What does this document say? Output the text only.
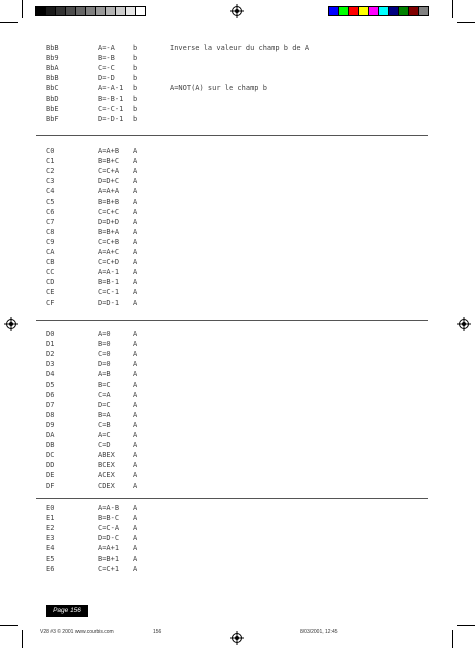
BbB	A=-A	b	Inverse la valeur du champ b de A
Bb9	B=-B	b
BbA	C=-C	b
BbB	D=-D	b
BbC	A=-A-1 b	A=NOT(A) sur le champ b
BbD	B=-B-1 b
BbE	C=-C-1 b
BbF	D=-D-1 b
C0	A=A+B A
C1	B=B+C A
C2	C=C+A A
C3	D=D+C A
C4	A=A+A A
C5	B=B+B A
C6	C=C+C A
C7	D=D+D A
C8	B=B+A A
C9	C=C+B A
CA	A=A+C A
CB	C=C+D A
CC	A=A-1 A
CD	B=B-1 A
CE	C=C-1 A
CF	D=D-1 A
D0	A=0	A
D1	B=0	A
D2	C=0	A
D3	D=0	A
D4	A=B	A
D5	B=C	A
D6	C=A	A
D7	D=C	A
D8	B=A	A
D9	C=B	A
DA	A=C	A
DB	C=D	A
DC	ABEX	A
DD	BCEX	A
DE	ACEX	A
DF	CDEX	A
E0	A=A-B A
E1	B=B-C A
E2	C=C-A A
E3	D=D-C A
E4	A=A+1 A
E5	B=B+1 A
E6	C=C+1 A
Page 156
V28 #3 © 2001 www.courbis.com	156	8/03/2001, 12:45
